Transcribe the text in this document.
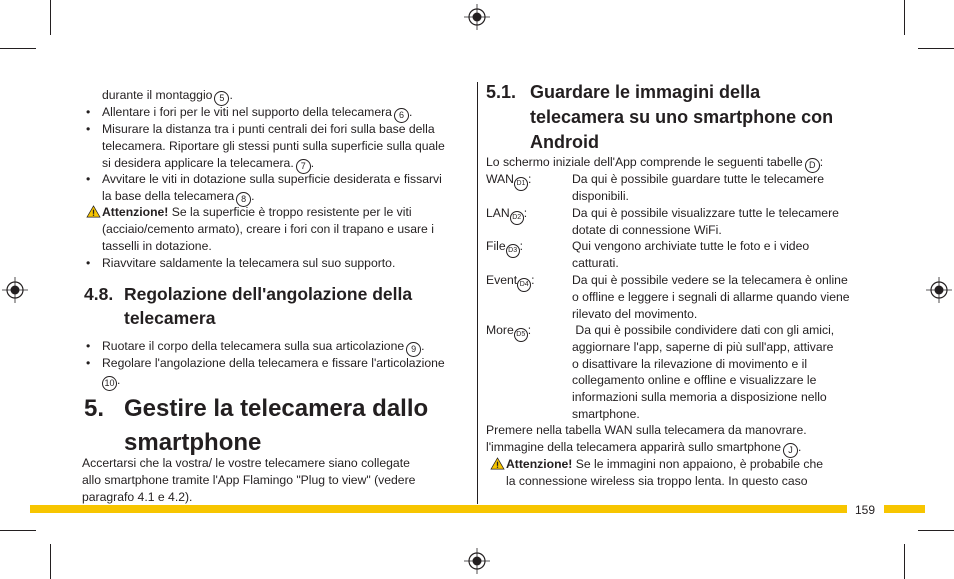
durante il montaggio 5 .
• Allentare i fori per le viti nel supporto della telecamera 6 .
• Misurare la distanza tra i punti centrali dei fori sulla base della
telecamera. Riportare gli stessi punti sulla superficie sulla quale
si desidera applicare la telecamera. 7 .
• Avvitare le viti in dotazione sulla superficie desiderata e fissarvi
la base della telecamera 8 .
Attenzione! Se la superficie è troppo resistente per le viti
(acciaio/cemento armato), creare i fori con il trapano e usare i
tasselli in dotazione.
• Riavvitare saldamente la telecamera sul suo supporto.
4.8. Regolazione dell'angolazione della
telecamera
• Ruotare il corpo della telecamera sulla sua articolazione 9 .
• Regolare l'angolazione della telecamera e fissare l'articolazione
10 .
5. Gestire la telecamera dallo
smartphone
Accertarsi che la vostra/ le vostre telecamere siano collegate
allo smartphone tramite l'App Flamingo "Plug to view" (vedere
paragrafo 4.1 e 4.2).
5.1. Guardare le immagini della
telecamera su uno smartphone con
Android
Lo schermo iniziale dell'App comprende le seguenti tabelle D :
WAN D1 :	Da qui è possibile guardare tutte le telecamere
disponibili.
LAN D2 :	Da qui è possibile visualizzare tutte le telecamere
dotate di connessione WiFi.
File D3 :	Qui vengono archiviate tutte le foto e i video
catturati.
Event D4 :	Da qui è possibile vedere se la telecamera è online
o offline e leggere i segnali di allarme quando viene
rilevato del movimento.
More D5 :	Da qui è possibile condividere dati con gli amici,
aggiornare l'app, saperne di più sull'app, attivare
o disattivare la rilevazione di movimento e il
collegamento online e offline e visualizzare le
informazioni sulla memoria a disposizione nello
smartphone.
Premere nella tabella WAN sulla telecamera da manovrare.
l'immagine della telecamera apparirà sullo smartphone J .
Attenzione! Se le immagini non appaiono, è probabile che
la connessione wireless sia troppo lenta. In questo caso
159
